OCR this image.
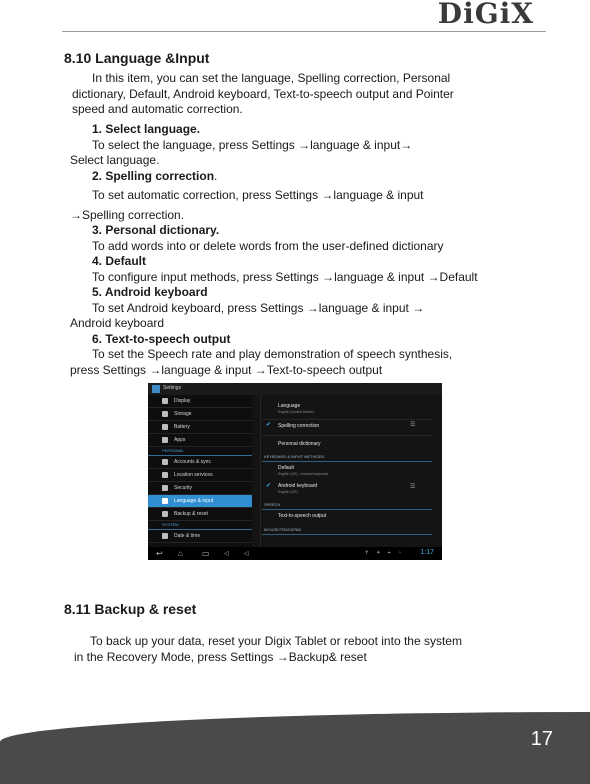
DiGiX
8.10 Language &Input

In this item, you can set the language, Spelling correction, Personal
dictionary, Default, Android keyboard, Text-to-speech output and Pointer
speed and automatic correction.

1. Select language.
To select the language, press Settings →language & input→
Select language.
2. Spelling correction.
To set automatic correction, press Settings →language & input
→Spelling correction.
3. Personal dictionary.
To add words into or delete words from the user-defined dictionary
4. Default
To configure input methods, press Settings →language & input →Default
5. Android keyboard
To set Android keyboard, press Settings →language & input →
Android keyboard
6. Text-to-speech output
To set the Speech rate and play demonstration of speech synthesis,
press Settings →language & input →Text-to-speech output
Settings
Display
Storage
Battery
Apps
PERSONAL
Accounts & sync
Location services
Security
Language & input
Backup & reset
SYSTEM
Date & time
Language
English (United States)
✔ Spelling correction	☰
Personal dictionary
KEYBOARD & INPUT METHODS
Default
English (US) - Android keyboard
✔ Android keyboard
English (US)
☰
SPEECH
Text-to-speech output
MOUSE/TRACKPAD
↩ ⌂ ▭ ◁	◁	✝ ✦ ⌖ ◔ 1:17
8.11 Backup & reset

To back up your data, reset your Digix Tablet or reboot into the system
in the Recovery Mode, press Settings →Backup& reset

17
